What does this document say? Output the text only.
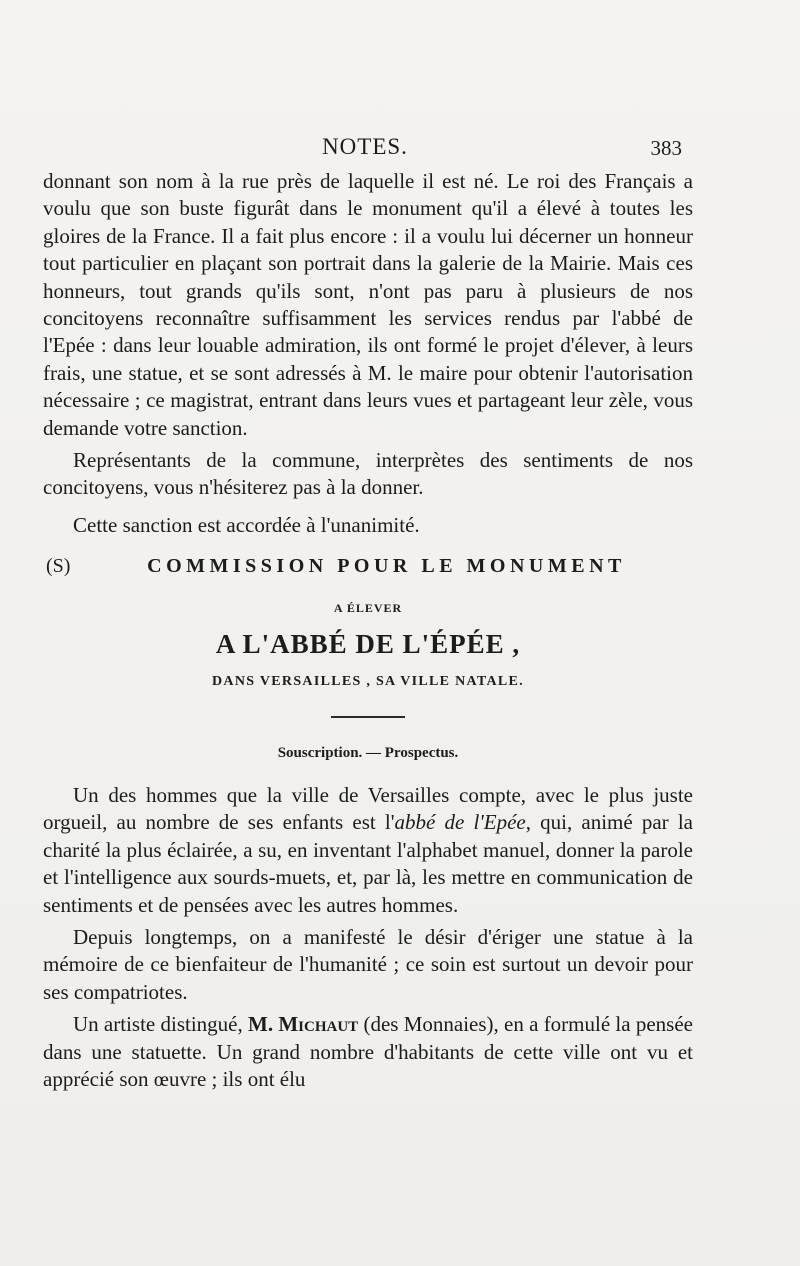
NOTES.	383

donnant son nom à la rue près de laquelle il est né. Le roi des Français a voulu que son buste figurât dans le monument qu'il a élevé à toutes les gloires de la France. Il a fait plus encore : il a voulu lui décerner un honneur tout particulier en plaçant son portrait dans la galerie de la Mairie. Mais ces honneurs, tout grands qu'ils sont, n'ont pas paru à plusieurs de nos concitoyens reconnaître suffisamment les services rendus par l'abbé de l'Epée : dans leur louable admiration, ils ont formé le projet d'élever, à leurs frais, une statue, et se sont adressés à M. le maire pour obtenir l'autorisation nécessaire ; ce magistrat, entrant dans leurs vues et partageant leur zèle, vous demande votre sanction.

Représentants de la commune, interprètes des sentiments de nos concitoyens, vous n'hésiterez pas à la donner.

Cette sanction est accordée à l'unanimité.

(S)	COMMISSION POUR LE MONUMENT
A ÉLEVER
A L'ABBÉ DE L'ÉPÉE ,
DANS VERSAILLES , SA VILLE NATALE.
Souscription. — Prospectus.

Un des hommes que la ville de Versailles compte, avec le plus juste orgueil, au nombre de ses enfants est l'abbé de l'Epée, qui, animé par la charité la plus éclairée, a su, en inventant l'alphabet manuel, donner la parole et l'intelligence aux sourds-muets, et, par là, les mettre en communication de sentiments et de pensées avec les autres hommes.

Depuis longtemps, on a manifesté le désir d'ériger une statue à la mémoire de ce bienfaiteur de l'humanité ; ce soin est surtout un devoir pour ses compatriotes.

Un artiste distingué, M. Michaut (des Monnaies), en a formulé la pensée dans une statuette. Un grand nombre d'habitants de cette ville ont vu et apprécié son œuvre ; ils ont élu
